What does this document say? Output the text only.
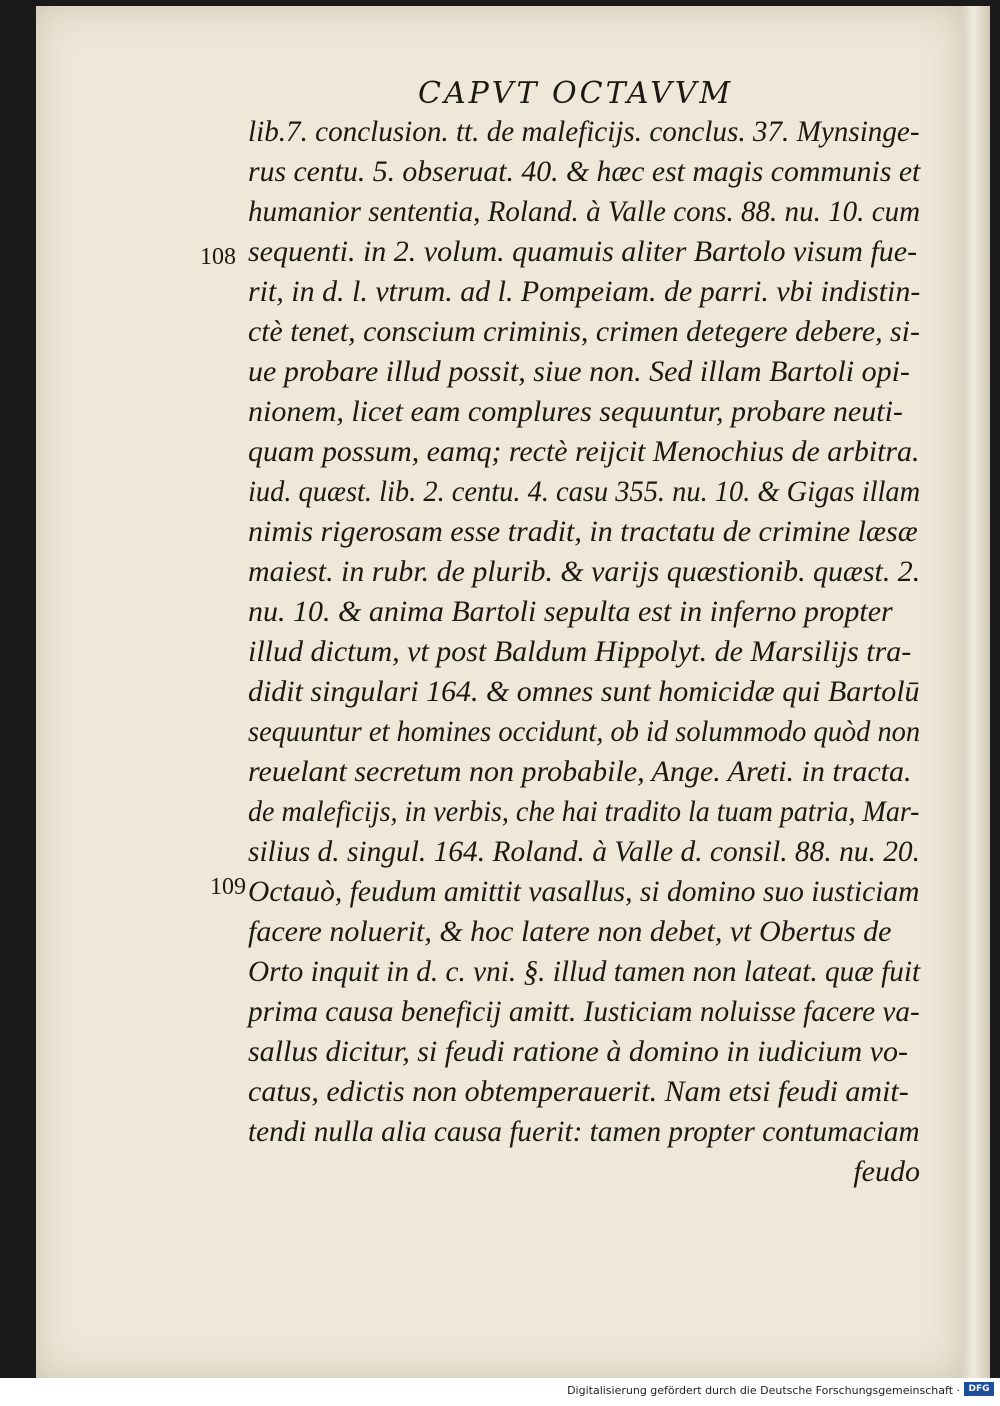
CAPVT OCTAVVM
108
109
lib.7. conclusion. tt. de maleficijs. conclus. 37. Mynsinge-
rus centu. 5. obseruat. 40. & hæc est magis communis et
humanior sententia, Roland. à Valle cons. 88. nu. 10. cum
sequenti. in 2. volum. quamuis aliter Bartolo visum fue-
rit, in d. l. vtrum. ad l. Pompeiam. de parri. vbi indistin-
ctè tenet, conscium criminis, crimen detegere debere, si-
ue probare illud possit, siue non. Sed illam Bartoli opi-
nionem, licet eam complures sequuntur, probare neuti-
quam possum, eamq; rectè reijcit Menochius de arbitra.
iud. quæst. lib. 2. centu. 4. casu 355. nu. 10. & Gigas illam
nimis rigerosam esse tradit, in tractatu de crimine læsæ
maiest. in rubr. de plurib. & varijs quæstionib. quæst. 2.
nu. 10. & anima Bartoli sepulta est in inferno propter
illud dictum, vt post Baldum Hippolyt. de Marsilijs tra-
didit singulari 164. & omnes sunt homicidæ qui Bartolū
sequuntur et homines occidunt, ob id solummodo quòd non
reuelant secretum non probabile, Ange. Areti. in tracta.
de maleficijs, in verbis, che hai tradito la tuam patria, Mar-
silius d. singul. 164. Roland. à Valle d. consil. 88. nu. 20.
Octauò, feudum amittit vasallus, si domino suo iusticiam
facere noluerit, & hoc latere non debet, vt Obertus de
Orto inquit in d. c. vni. §. illud tamen non lateat. quæ fuit
prima causa beneficij amitt. Iusticiam noluisse facere va-
sallus dicitur, si feudi ratione à domino in iudicium vo-
catus, edictis non obtemperauerit. Nam etsi feudi amit-
tendi nulla alia causa fuerit: tamen propter contumaciam
feudo
Digitalisierung gefördert durch die Deutsche Forschungsgemeinschaft · DFG
